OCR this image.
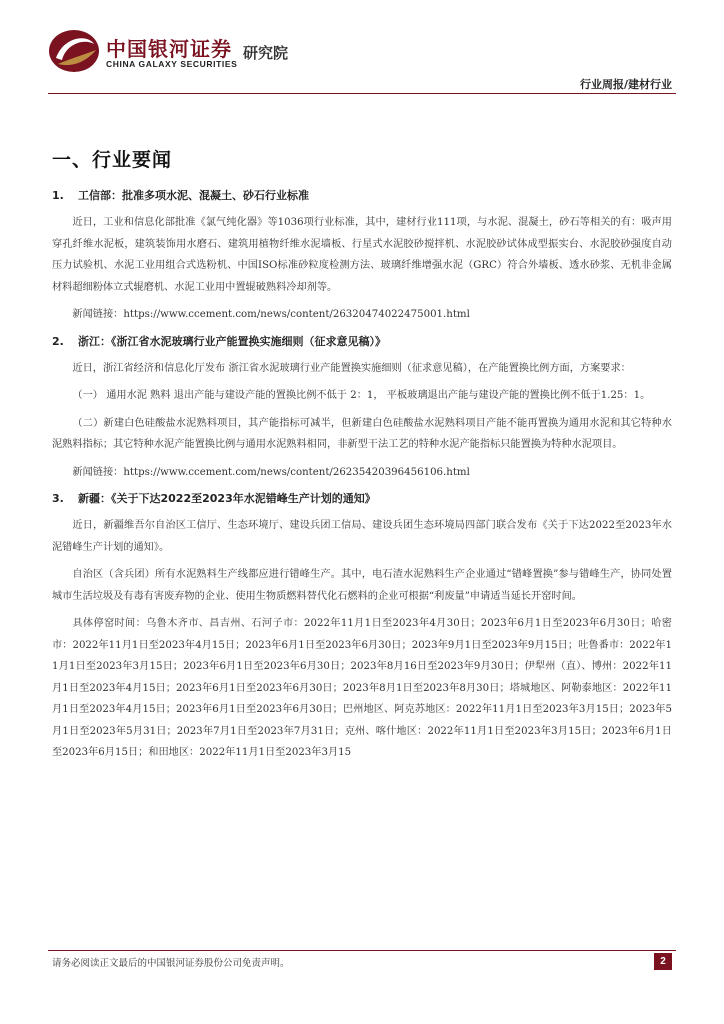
中国银河证券
CHINA GALAXY SECURITIES
研究院
行业周报/建材行业
一、行业要闻
1. 工信部：批准多项水泥、混凝土、砂石行业标准

近日，工业和信息化部批准《氯气纯化器》等1036项行业标准，其中，建材行业111项，与水泥、混凝土，砂石等相关的有：吸声用穿孔纤维水泥板，建筑装饰用水磨石、建筑用植物纤维水泥墙板、行星式水泥胶砂搅拌机、水泥胶砂试体成型振实台、水泥胶砂强度自动压力试验机、水泥工业用组合式选粉机、中国ISO标准砂粒度检测方法、玻璃纤维增强水泥（GRC）符合外墙板、透水砂浆、无机非金属材料超细粉体立式辊磨机、水泥工业用中置辊破熟料冷却剂等。

新闻链接：https://www.ccement.com/news/content/26320474022475001.html

2. 浙江：《浙江省水泥玻璃行业产能置换实施细则（征求意见稿）》

近日，浙江省经济和信息化厅发布 浙江省水泥玻璃行业产能置换实施细则（征求意见稿），在产能置换比例方面，方案要求：

（一） 通用水泥 熟料 退出产能与建设产能的置换比例不低于 2：1， 平板玻璃退出产能与建设产能的置换比例不低于1.25：1。

（二）新建白色硅酸盐水泥熟料项目，其产能指标可减半，但新建白色硅酸盐水泥熟料项目产能不能再置换为通用水泥和其它特种水泥熟料指标；其它特种水泥产能置换比例与通用水泥熟料相同，非新型干法工艺的特种水泥产能指标只能置换为特种水泥项目。

新闻链接：https://www.ccement.com/news/content/26235420396456106.html

3. 新疆：《关于下达2022至2023年水泥错峰生产计划的通知》

近日，新疆维吾尔自治区工信厅、生态环境厅、建设兵团工信局、建设兵团生态环境局四部门联合发布《关于下达2022至2023年水泥错峰生产计划的通知》。

自治区（含兵团）所有水泥熟料生产线都应进行错峰生产。其中，电石渣水泥熟料生产企业通过“错峰置换”参与错峰生产，协同处置城市生活垃圾及有毒有害废弃物的企业、使用生物质燃料替代化石燃料的企业可根据“利废量”申请适当延长开窑时间。

具体停窑时间：乌鲁木齐市、昌吉州、石河子市：2022年11月1日至2023年4月30日；2023年6月1日至2023年6月30日；哈密市：2022年11月1日至2023年4月15日；2023年6月1日至2023年6月30日；2023年9月1日至2023年9月15日；吐鲁番市：2022年11月1日至2023年3月15日；2023年6月1日至2023年6月30日；2023年8月16日至2023年9月30日；伊犁州（直）、博州：2022年11月1日至2023年4月15日；2023年6月1日至2023年6月30日；2023年8月1日至2023年8月30日；塔城地区、阿勒泰地区：2022年11月1日至2023年4月15日；2023年6月1日至2023年6月30日；巴州地区、阿克苏地区：2022年11月1日至2023年3月15日；2023年5月1日至2023年5月31日；2023年7月1日至2023年7月31日；克州、喀什地区：2022年11月1日至2023年3月15日；2023年6月1日至2023年6月15日；和田地区：2022年11月1日至2023年3月15

请务必阅读正文最后的中国银河证券股份公司免责声明。	2
